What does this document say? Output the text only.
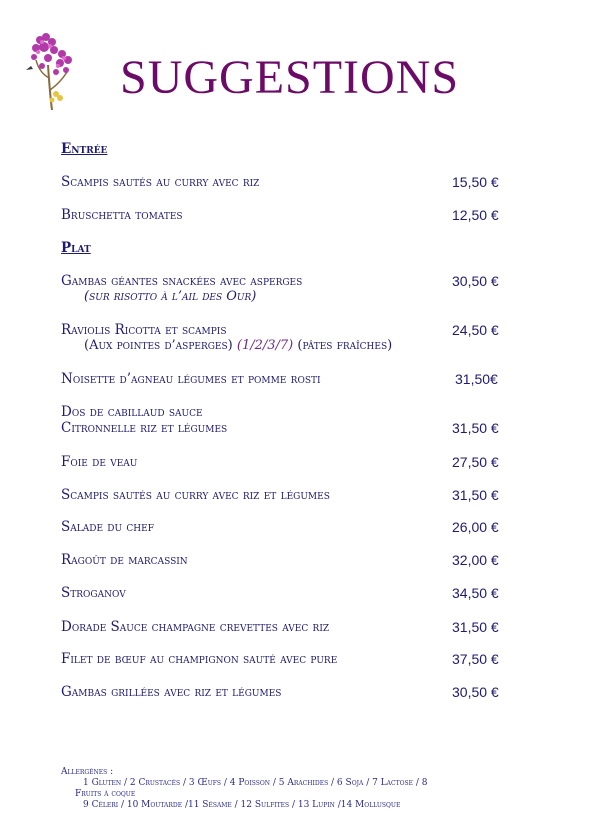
SUGGESTIONS
Entrée
Scampis sautés au curry avec riz	15,50 €
Bruschetta tomates	12,50 €
Plat
Gambas géantes snackées avec asperges	30,50 €
(sur risotto à l’ail des Our)
Raviolis Ricotta et scampis	24,50 €
(Aux pointes d’asperges) (1/2/3/7) (pâtes fraîches)
Noisette d’agneau légumes et pomme rosti	31,50€
Dos de cabillaud sauce
Citronnelle riz et légumes	31,50 €
Foie de veau	27,50 €
Scampis sautés au curry avec riz et légumes	31,50 €
Salade du chef	26,00 €
Ragoût de marcassin	32,00 €
Stroganov	34,50 €
Dorade Sauce champagne crevettes avec riz	31,50 €
Filet de bœuf au champignon sauté avec pure	37,50 €
Gambas grillées avec riz et légumes	30,50 €
Allergènes :
1 Gluten / 2 Crustacés / 3 Œufs / 4 Poisson / 5 Arachides / 6 Soja / 7 Lactose / 8
Fruits à coque
9 Céleri / 10 Moutarde /11 Sésame / 12 Sulfites / 13 Lupin /14 Mollusque
